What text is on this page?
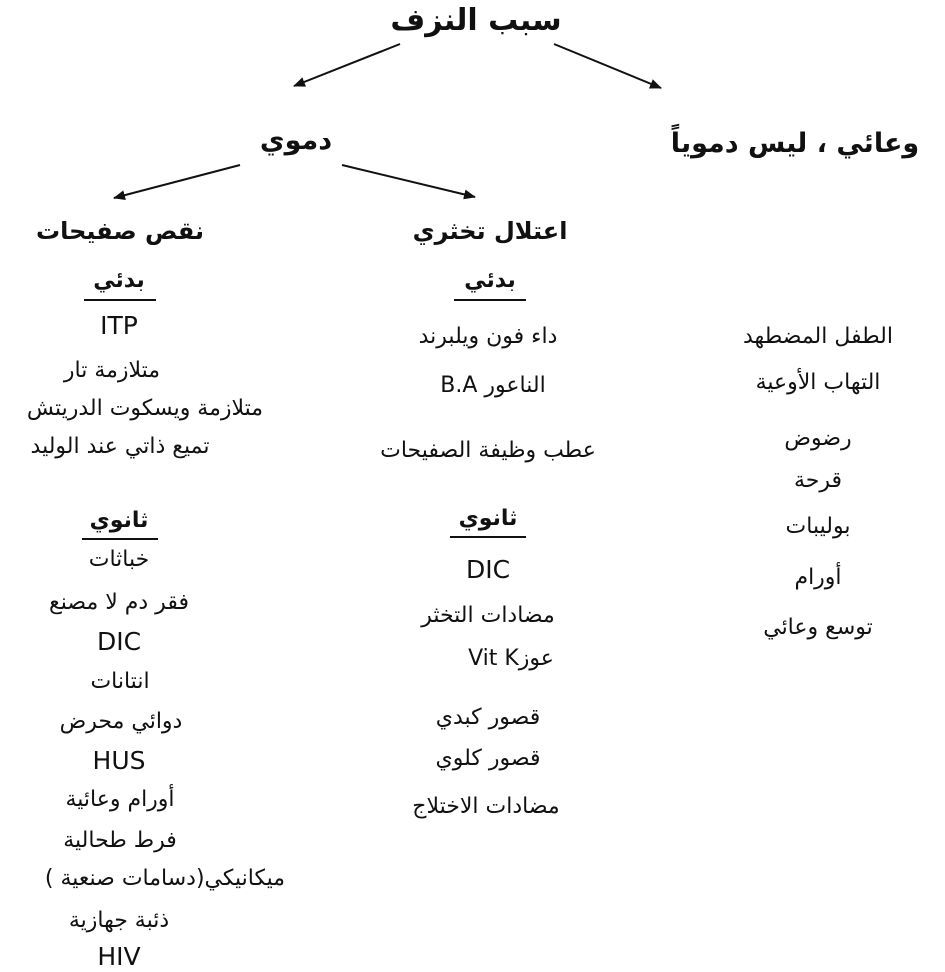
سبب النزف
وعائي ، ليس دموياً
دموي
اعتلال تخثري
نقص صفيحات
بدئي	بدئي
ثانوي	ثانوي
ITP
متلازمة تار
متلازمة ويسكوت الدريتش
تميع ذاتي عند الوليد
خباثات
فقر دم لا مصنع
DIC
انتانات
دوائي محرض
HUS
أورام وعائية
فرط طحالية
ميكانيكي(دسامات صنعية )
ذئبة جهازية
HIV
داء فون ويلبرند
الناعور B.A
عطب وظيفة الصفيحات
DIC
مضادات التخثر
عوزVit K
قصور كبدي
قصور كلوي
مضادات الاختلاج
الطفل المضطهد
التهاب الأوعية
رضوض
قرحة
بوليبات
أورام
توسع وعائي
